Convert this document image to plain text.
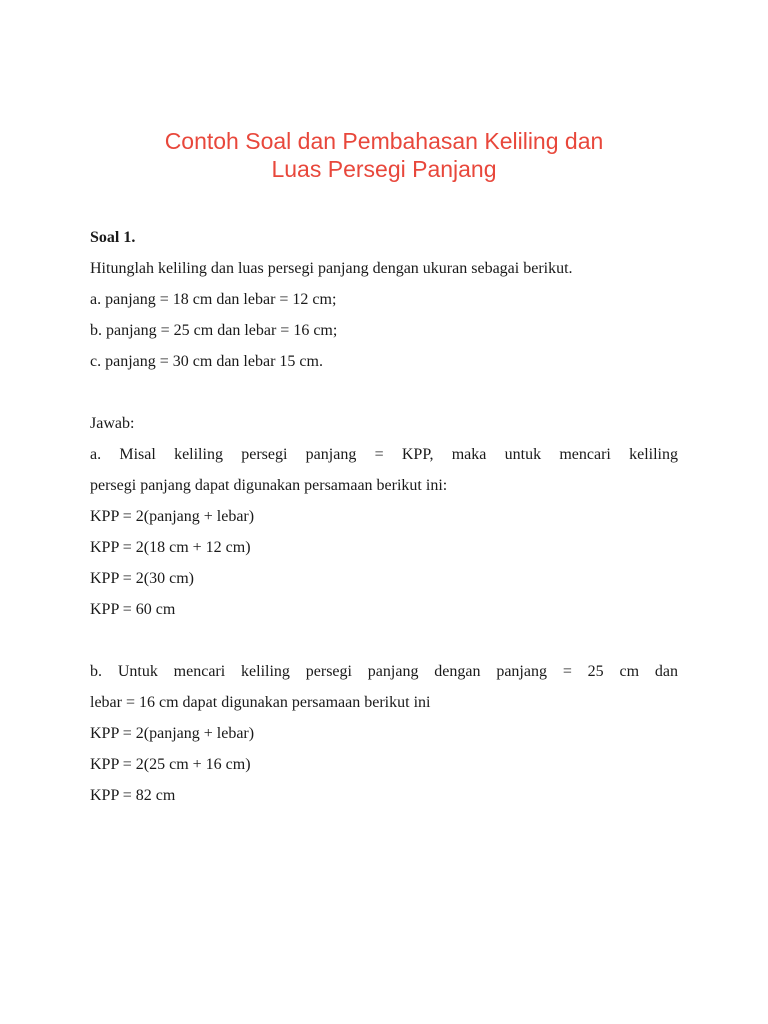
Contoh Soal dan Pembahasan Keliling dan
Luas Persegi Panjang
Soal 1.
Hitunglah keliling dan luas persegi panjang dengan ukuran sebagai berikut.
a. panjang = 18 cm dan lebar = 12 cm;
b. panjang = 25 cm dan lebar = 16 cm;
c. panjang = 30 cm dan lebar 15 cm.
Jawab:
a. Misal keliling persegi panjang = KPP, maka untuk mencari keliling
persegi panjang dapat digunakan persamaan berikut ini:
KPP = 2(panjang + lebar)
KPP = 2(18 cm + 12 cm)
KPP = 2(30 cm)
KPP = 60 cm
b. Untuk mencari keliling persegi panjang dengan panjang = 25 cm dan
lebar = 16 cm dapat digunakan persamaan berikut ini
KPP = 2(panjang + lebar)
KPP = 2(25 cm + 16 cm)
KPP = 82 cm
